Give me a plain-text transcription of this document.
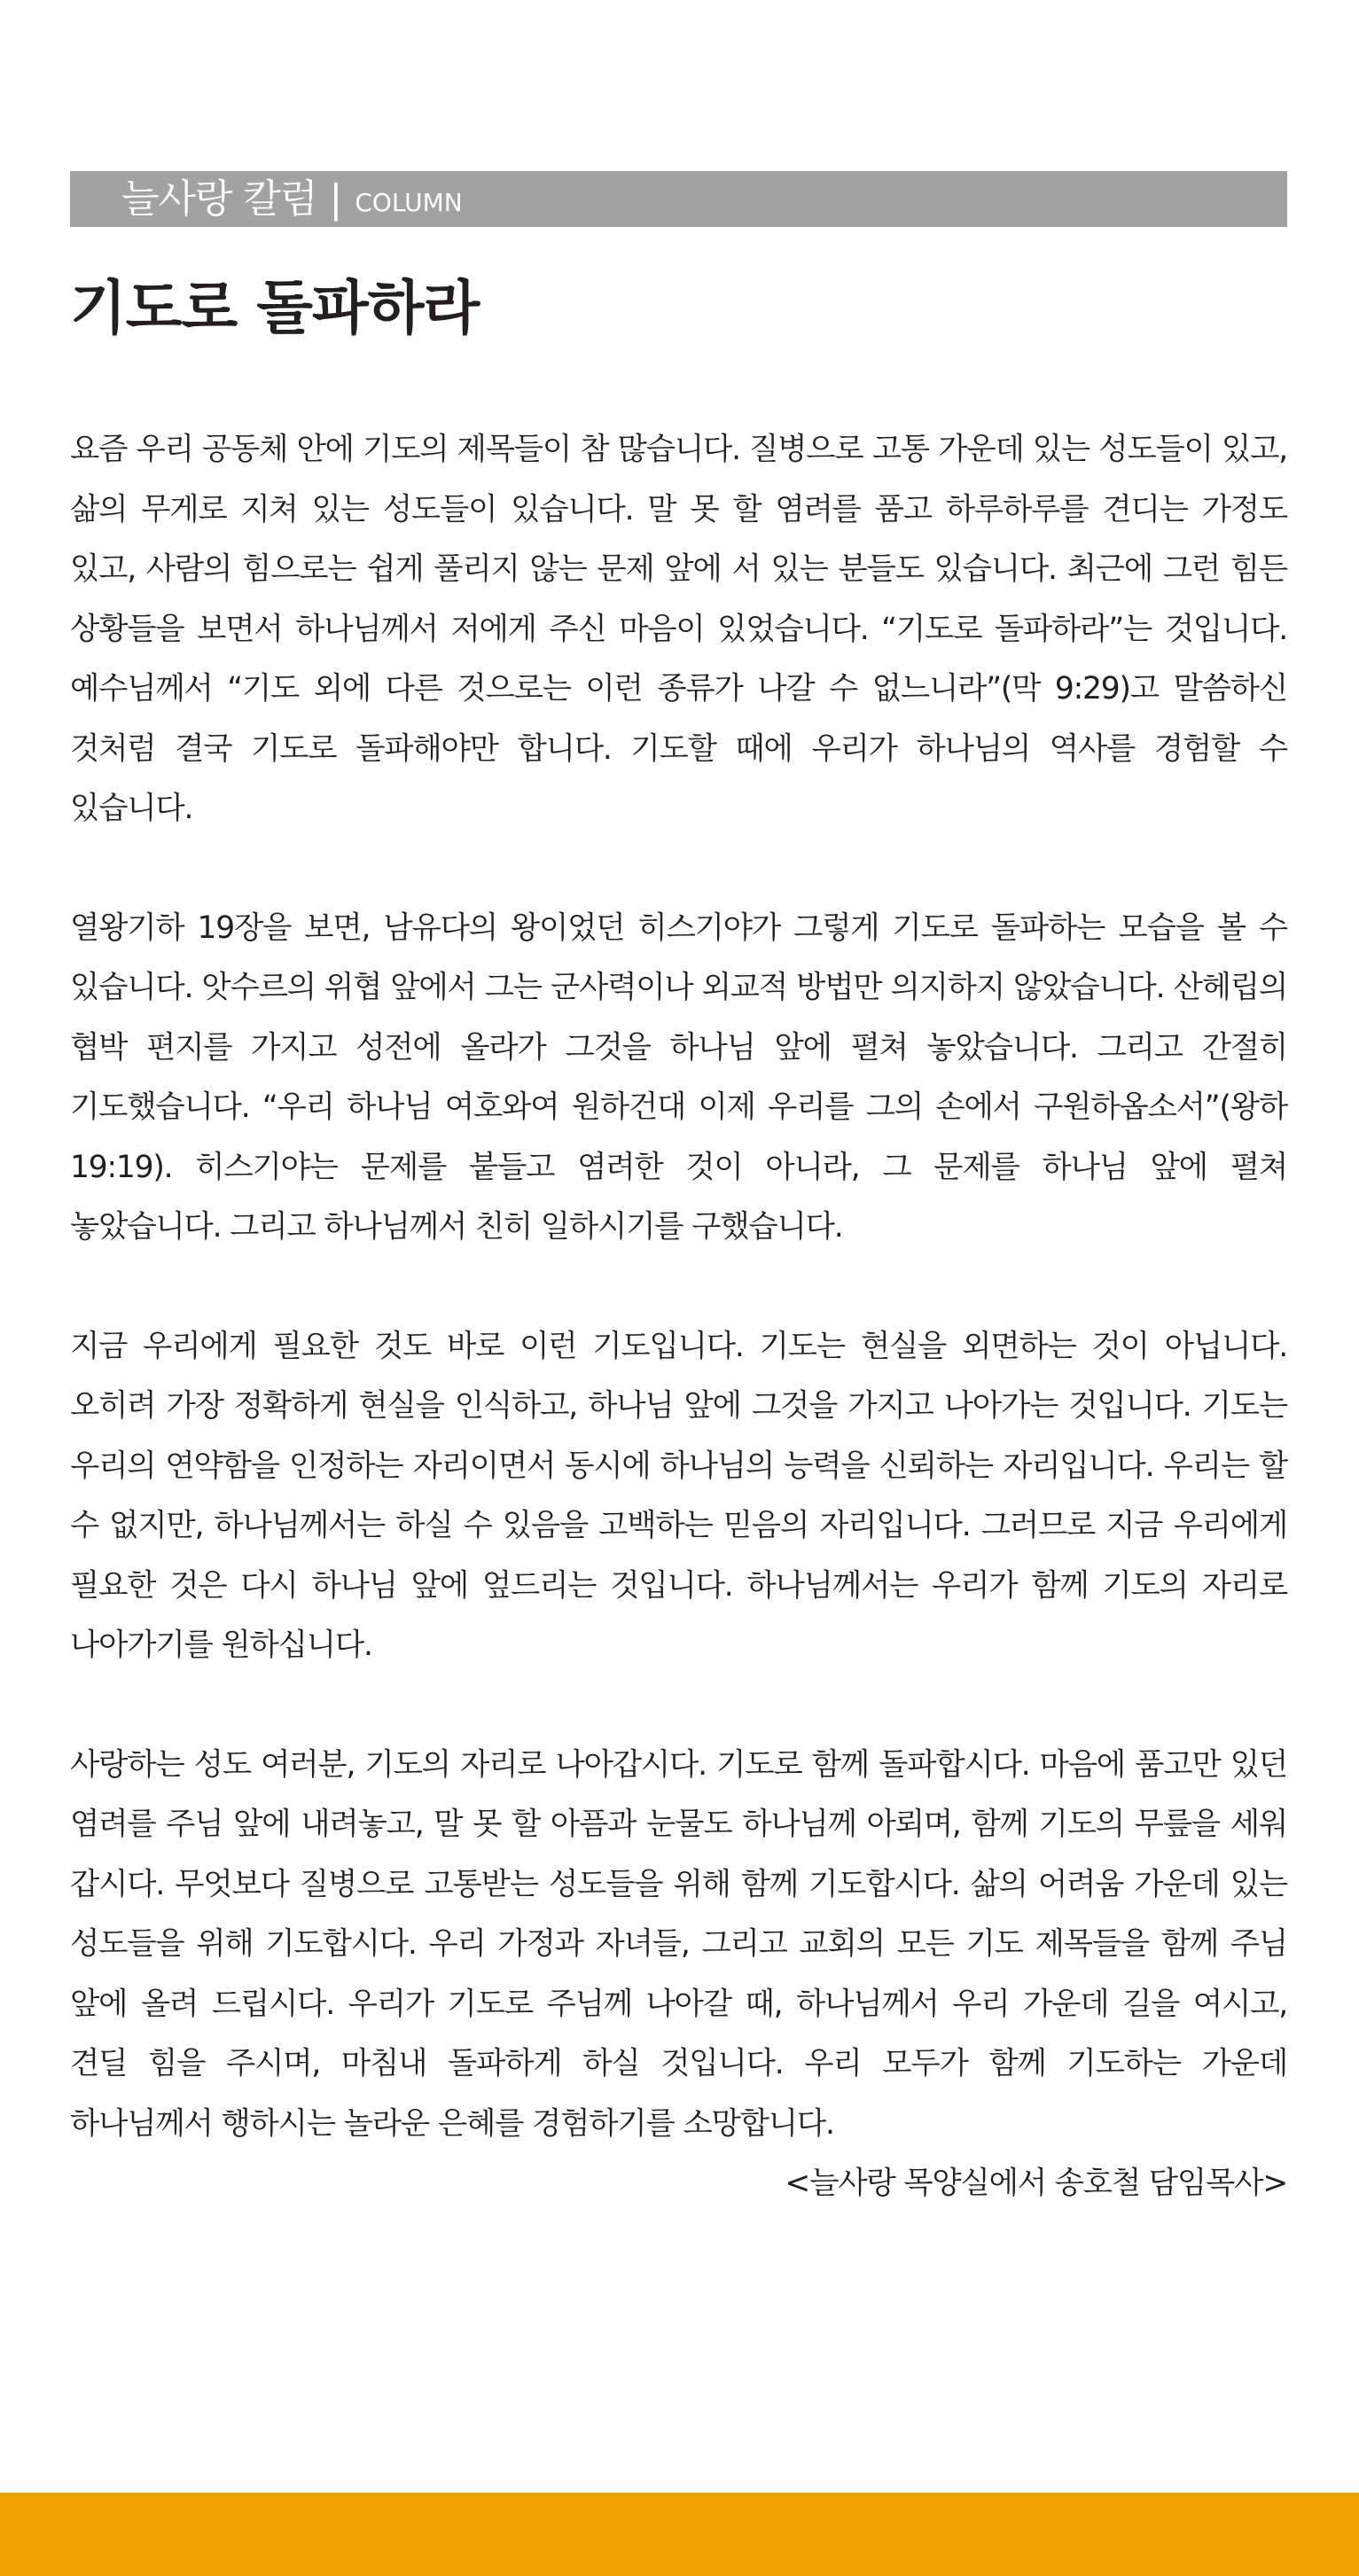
늘사랑 칼럼 | COLUMN
기도로 돌파하라

요즘 우리 공동체 안에 기도의 제목들이 참 많습니다. 질병으로 고통 가운데 있는 성도들이 있고, 삶의 무게로 지쳐 있는 성도들이 있습니다. 말 못 할 염려를 품고 하루하루를 견디는 가정도 있고, 사람의 힘으로는 쉽게 풀리지 않는 문제 앞에 서 있는 분들도 있습니다. 최근에 그런 힘든 상황들을 보면서 하나님께서 저에게 주신 마음이 있었습니다. “기도로 돌파하라”는 것입니다. 예수님께서 “기도 외에 다른 것으로는 이런 종류가 나갈 수 없느니라”(막 9:29)고 말씀하신 것처럼 결국 기도로 돌파해야만 합니다. 기도할 때에 우리가 하나님의 역사를 경험할 수 있습니다.

열왕기하 19장을 보면, 남유다의 왕이었던 히스기야가 그렇게 기도로 돌파하는 모습을 볼 수 있습니다. 앗수르의 위협 앞에서 그는 군사력이나 외교적 방법만 의지하지 않았습니다. 산헤립의 협박 편지를 가지고 성전에 올라가 그것을 하나님 앞에 펼쳐 놓았습니다. 그리고 간절히 기도했습니다. “우리 하나님 여호와여 원하건대 이제 우리를 그의 손에서 구원하옵소서”(왕하 19:19). 히스기야는 문제를 붙들고 염려한 것이 아니라, 그 문제를 하나님 앞에 펼쳐 놓았습니다. 그리고 하나님께서 친히 일하시기를 구했습니다.

지금 우리에게 필요한 것도 바로 이런 기도입니다. 기도는 현실을 외면하는 것이 아닙니다. 오히려 가장 정확하게 현실을 인식하고, 하나님 앞에 그것을 가지고 나아가는 것입니다. 기도는 우리의 연약함을 인정하는 자리이면서 동시에 하나님의 능력을 신뢰하는 자리입니다. 우리는 할 수 없지만, 하나님께서는 하실 수 있음을 고백하는 믿음의 자리입니다. 그러므로 지금 우리에게 필요한 것은 다시 하나님 앞에 엎드리는 것입니다. 하나님께서는 우리가 함께 기도의 자리로 나아가기를 원하십니다.

사랑하는 성도 여러분, 기도의 자리로 나아갑시다. 기도로 함께 돌파합시다. 마음에 품고만 있던 염려를 주님 앞에 내려놓고, 말 못 할 아픔과 눈물도 하나님께 아뢰며, 함께 기도의 무릎을 세워 갑시다. 무엇보다 질병으로 고통받는 성도들을 위해 함께 기도합시다. 삶의 어려움 가운데 있는 성도들을 위해 기도합시다. 우리 가정과 자녀들, 그리고 교회의 모든 기도 제목들을 함께 주님 앞에 올려 드립시다. 우리가 기도로 주님께 나아갈 때, 하나님께서 우리 가운데 길을 여시고, 견딜 힘을 주시며, 마침내 돌파하게 하실 것입니다. 우리 모두가 함께 기도하는 가운데 하나님께서 행하시는 놀라운 은혜를 경험하기를 소망합니다.

<늘사랑 목양실에서 송호철 담임목사>
